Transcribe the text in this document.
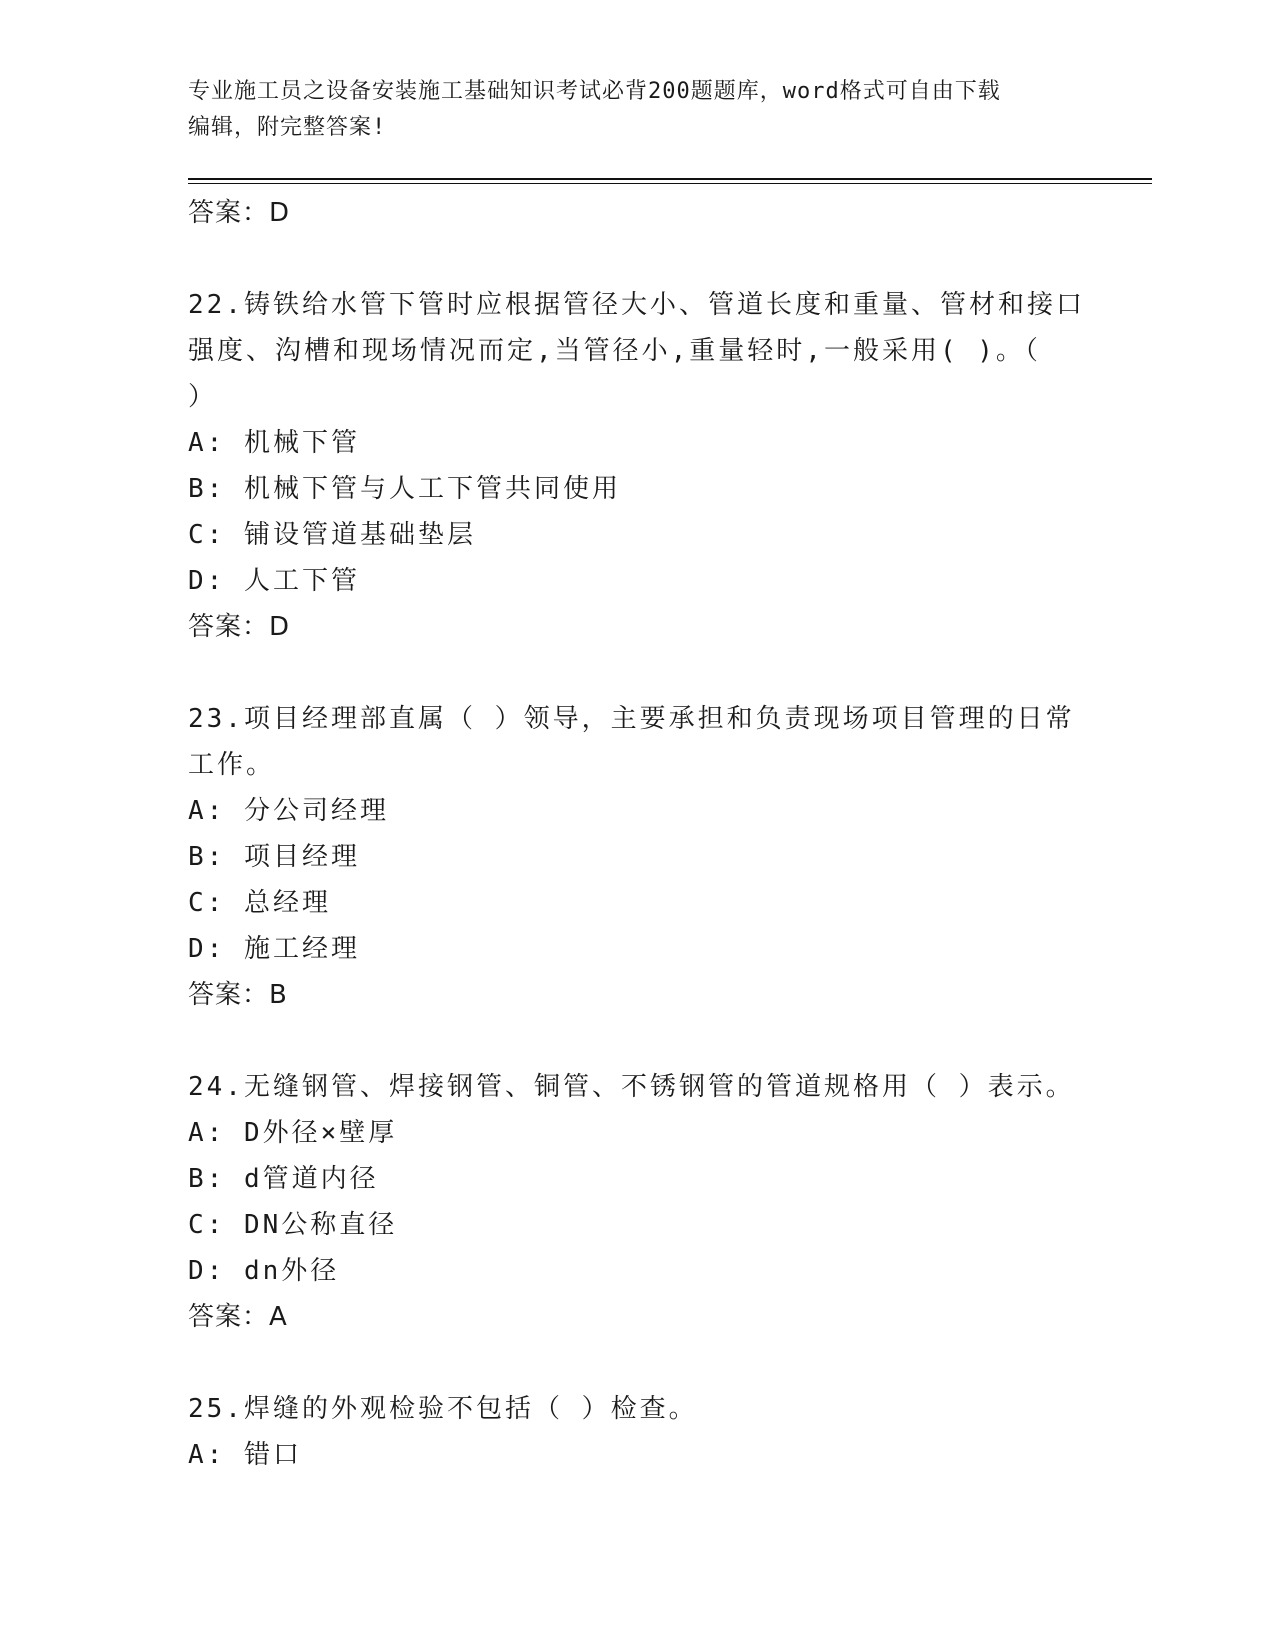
专业施工员之设备安装施工基础知识考试必背200题题库，word格式可自由下载
编辑，附完整答案!
答案：D
22.铸铁给水管下管时应根据管径大小、管道长度和重量、管材和接口
强度、沟槽和现场情况而定,当管径小,重量轻时,一般采用( )。（
）
A: 机械下管
B: 机械下管与人工下管共同使用
C: 铺设管道基础垫层
D: 人工下管
答案：D
23.项目经理部直属（ ）领导，主要承担和负责现场项目管理的日常
工作。
A: 分公司经理
B: 项目经理
C: 总经理
D: 施工经理
答案：B
24.无缝钢管、焊接钢管、铜管、不锈钢管的管道规格用（ ）表示。
A: D外径×壁厚
B: d管道内径
C: DN公称直径
D: dn外径
答案：A
25.焊缝的外观检验不包括（ ）检查。
A: 错口
